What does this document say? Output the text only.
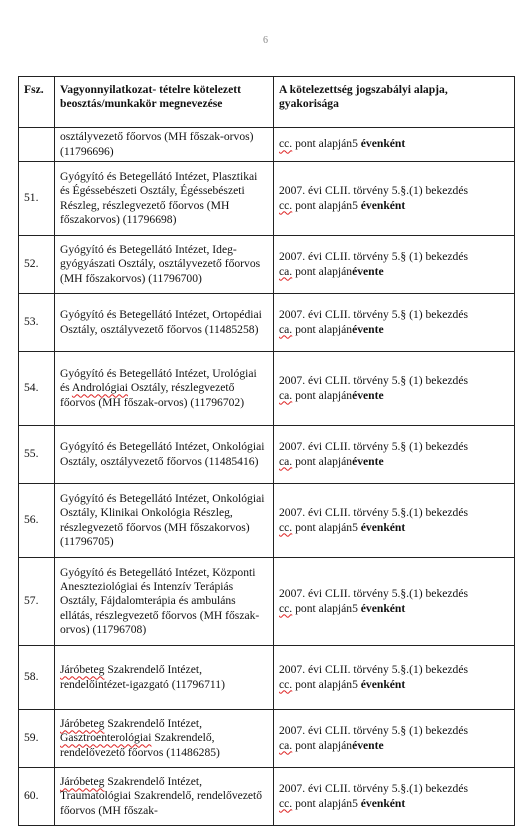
6
Fsz.	Vagyonnyilatkozat- tételre kötelezett beosztás/munkakör megnevezése	A kötelezettség jogszabályi alapja, gyakorisága
	osztályvezető főorvos (MH főszak-orvos) (11796696)	cc. pont alapján5 évenként

51.	Gyógyító és Betegellátó Intézet, Plasztikai és Égéssebészeti Osztály, Égéssebészeti Részleg, részlegvezető főorvos (MH főszakorvos) (11796698)	2007. évi CLII. törvény 5.§.(1) bekezdés
cc. pont alapján5 évenként

52.	Gyógyító és Betegellátó Intézet, Ideg-gyógyászati Osztály, osztályvezető főorvos (MH főszakorvos) (11796700)	2007. évi CLII. törvény 5.§ (1) bekezdés
ca. pont alapjánévente

53.	Gyógyító és Betegellátó Intézet, Ortopédiai Osztály, osztályvezető főorvos (11485258)	2007. évi CLII. törvény 5.§ (1) bekezdés
ca. pont alapjánévente

54.	Gyógyító és Betegellátó Intézet, Urológiai és Andrológiai Osztály, részlegvezető főorvos (MH főszak-orvos) (11796702)	2007. évi CLII. törvény 5.§ (1) bekezdés
ca. pont alapjánévente

55.	Gyógyító és Betegellátó Intézet, Onkológiai Osztály, osztályvezető főorvos (11485416)	2007. évi CLII. törvény 5.§ (1) bekezdés
ca. pont alapjánévente

56.	Gyógyító és Betegellátó Intézet, Onkológiai Osztály, Klinikai Onkológia Részleg, részlegvezető főorvos (MH főszakorvos) (11796705)	2007. évi CLII. törvény 5.§.(1) bekezdés
cc. pont alapján5 évenként

57.	Gyógyító és Betegellátó Intézet, Központi Aneszteziológiai és Intenzív Terápiás Osztály, Fájdalomterápia és ambuláns ellátás, részlegvezető főorvos (MH főszak-orvos) (11796708)	2007. évi CLII. törvény 5.§.(1) bekezdés
cc. pont alapján5 évenként

58.	Járóbeteg Szakrendelő Intézet, rendelőintézet-igazgató (11796711)	2007. évi CLII. törvény 5.§.(1) bekezdés
cc. pont alapján5 évenként

59.	Járóbeteg Szakrendelő Intézet, Gasztroenterológiai Szakrendelő, rendelővezető főorvos (11486285)	2007. évi CLII. törvény 5.§ (1) bekezdés
ca. pont alapjánévente

60.	Járóbeteg Szakrendelő Intézet, Traumatológiai Szakrendelő, rendelővezető főorvos (MH főszak-	2007. évi CLII. törvény 5.§.(1) bekezdés
cc. pont alapján5 évenként
